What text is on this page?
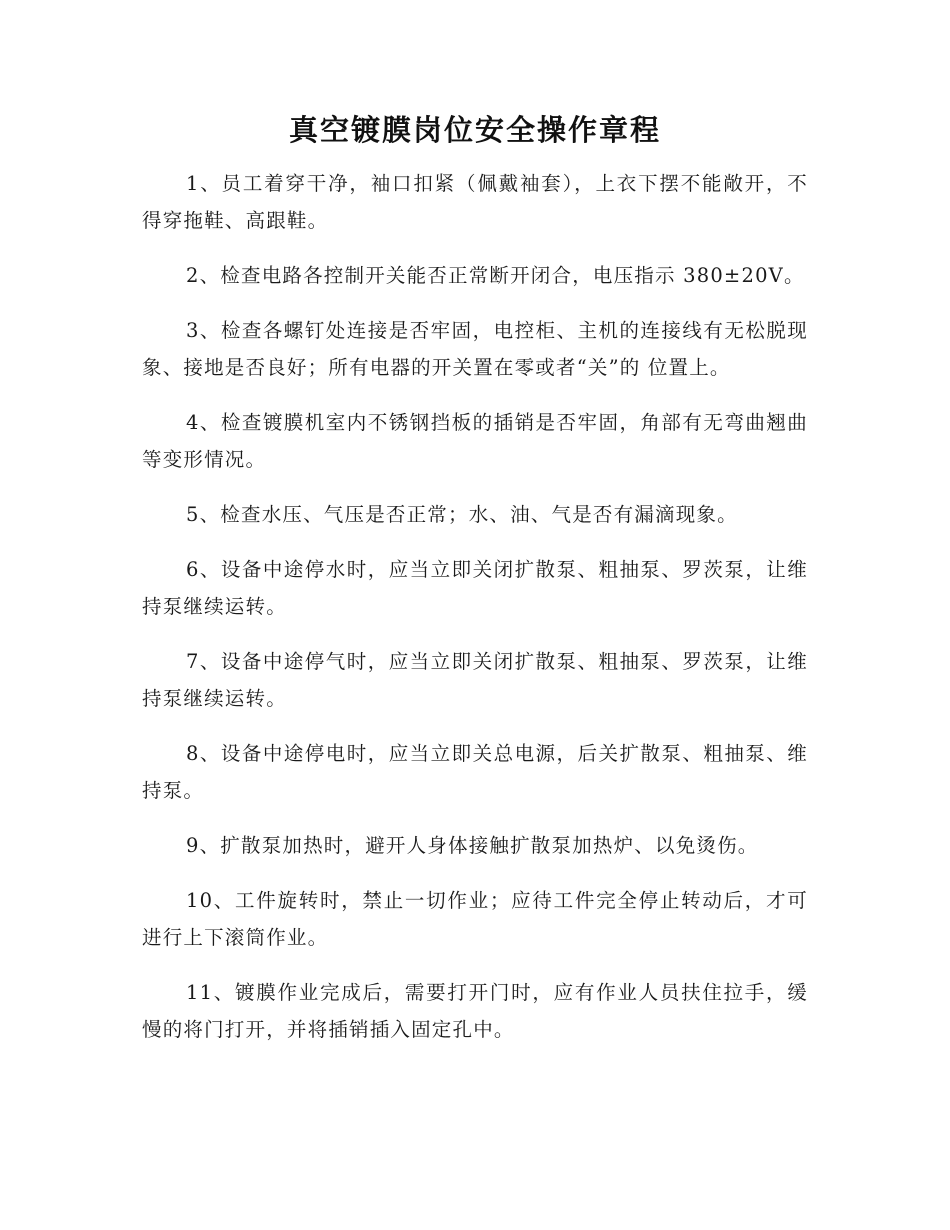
真空镀膜岗位安全操作章程

1、员工着穿干净，袖口扣紧（佩戴袖套），上衣下摆不能敞开，不得穿拖鞋、高跟鞋。

2、检查电路各控制开关能否正常断开闭合，电压指示 380±20V。

3、检查各螺钉处连接是否牢固，电控柜、主机的连接线有无松脱现象、接地是否良好；所有电器的开关置在零或者“关”的 位置上。

4、检查镀膜机室内不锈钢挡板的插销是否牢固，角部有无弯曲翘曲等变形情况。

5、检查水压、气压是否正常；水、油、气是否有漏滴现象。

6、设备中途停水时，应当立即关闭扩散泵、粗抽泵、罗茨泵，让维持泵继续运转。

7、设备中途停气时，应当立即关闭扩散泵、粗抽泵、罗茨泵，让维持泵继续运转。

8、设备中途停电时，应当立即关总电源，后关扩散泵、粗抽泵、维持泵。

9、扩散泵加热时，避开人身体接触扩散泵加热炉、以免烫伤。

10、工件旋转时，禁止一切作业；应待工件完全停止转动后，才可进行上下滚筒作业。

11、镀膜作业完成后，需要打开门时，应有作业人员扶住拉手，缓慢的将门打开，并将插销插入固定孔中。
